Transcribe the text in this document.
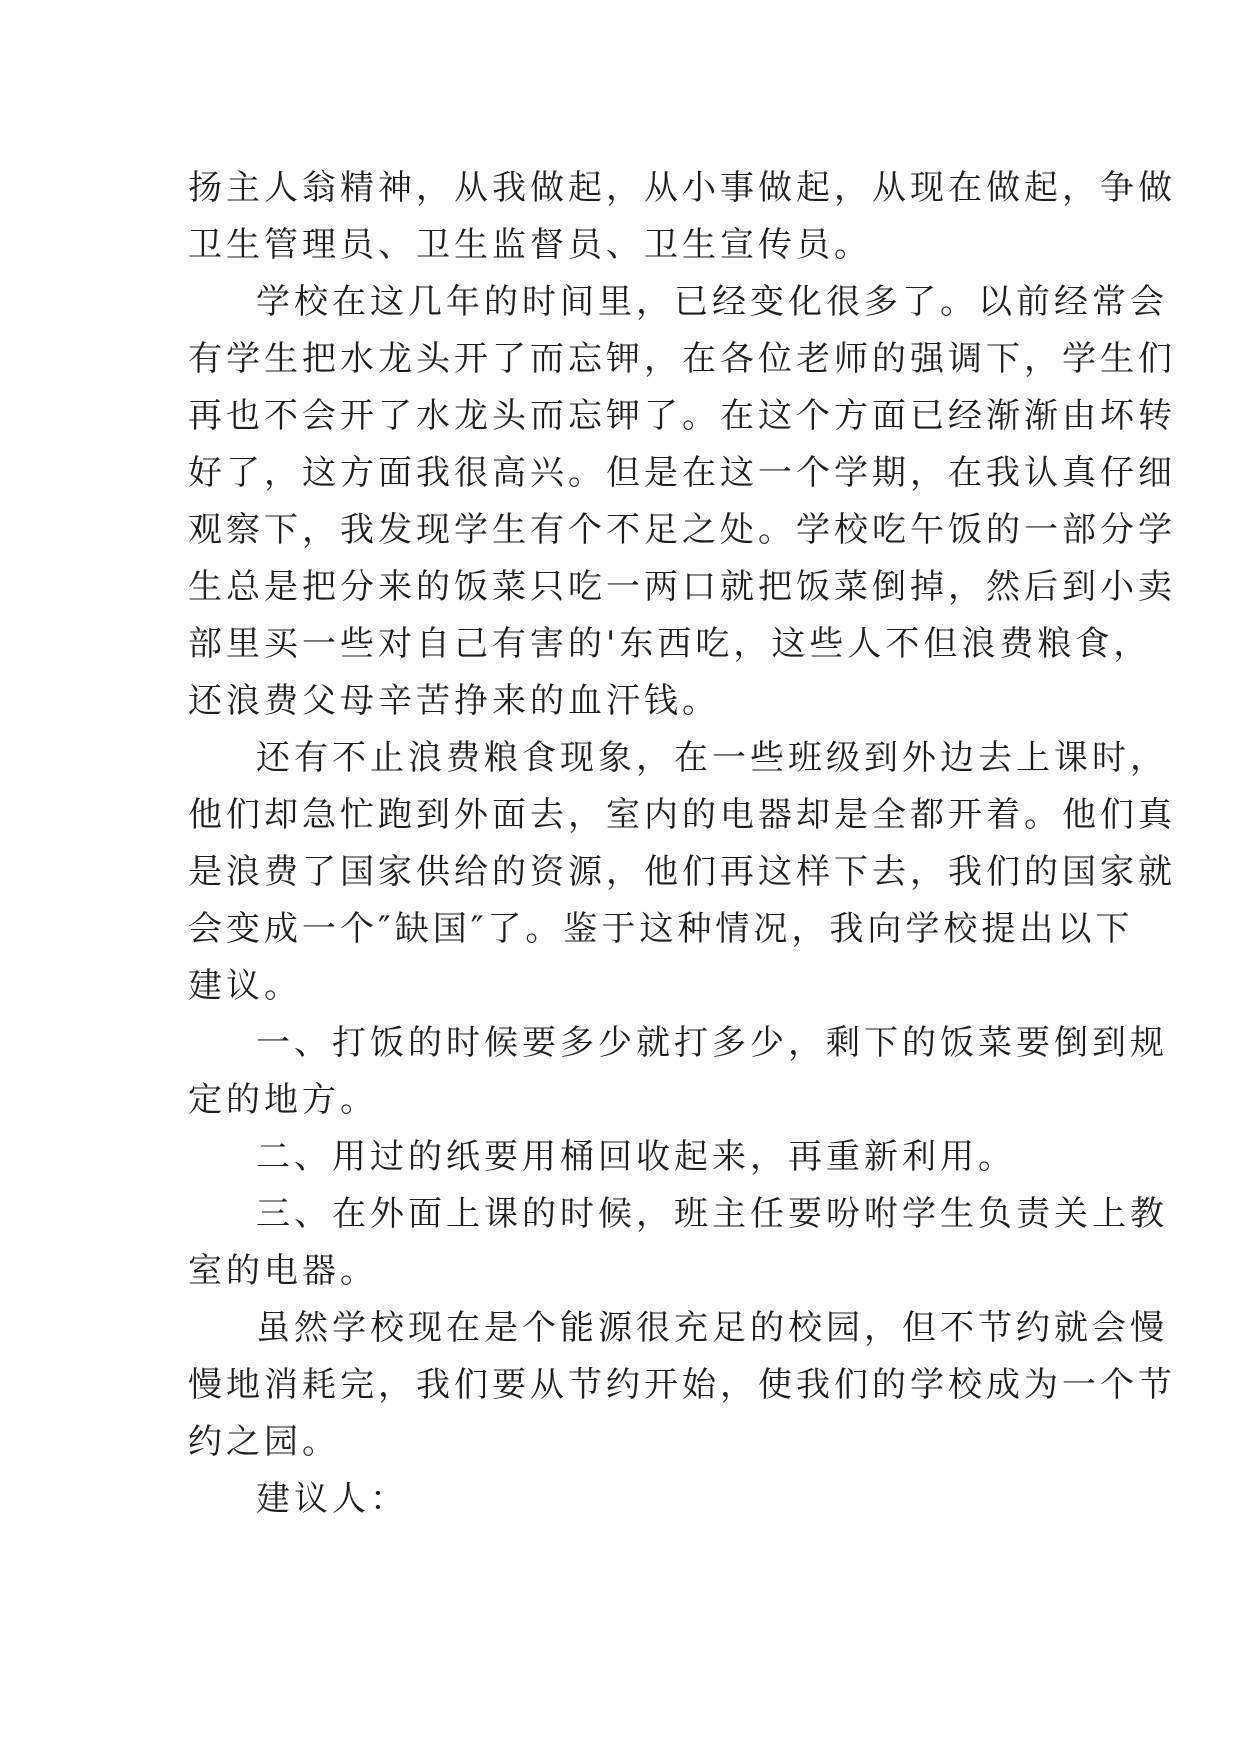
扬主人翁精神，从我做起，从小事做起，从现在做起，争做
卫生管理员、卫生监督员、卫生宣传员。

学校在这几年的时间里，已经变化很多了。以前经常会
有学生把水龙头开了而忘钾，在各位老师的强调下，学生们
再也不会开了水龙头而忘钾了。在这个方面已经渐渐由坏转
好了，这方面我很高兴。但是在这一个学期，在我认真仔细
观察下，我发现学生有个不足之处。学校吃午饭的一部分学
生总是把分来的饭菜只吃一两口就把饭菜倒掉，然后到小卖
部里买一些对自己有害的'东西吃，这些人不但浪费粮食，
还浪费父母辛苦挣来的血汗钱。

还有不止浪费粮食现象，在一些班级到外边去上课时，
他们却急忙跑到外面去，室内的电器却是全都开着。他们真
是浪费了国家供给的资源，他们再这样下去，我们的国家就
会变成一个″缺国″了。鉴于这种情况，我向学校提出以下
建议。

一、打饭的时候要多少就打多少，剩下的饭菜要倒到规
定的地方。

二、用过的纸要用桶回收起来，再重新利用。

三、在外面上课的时候，班主任要吩咐学生负责关上教
室的电器。

虽然学校现在是个能源很充足的校园，但不节约就会慢
慢地消耗完，我们要从节约开始，使我们的学校成为一个节
约之园。

建议人：
